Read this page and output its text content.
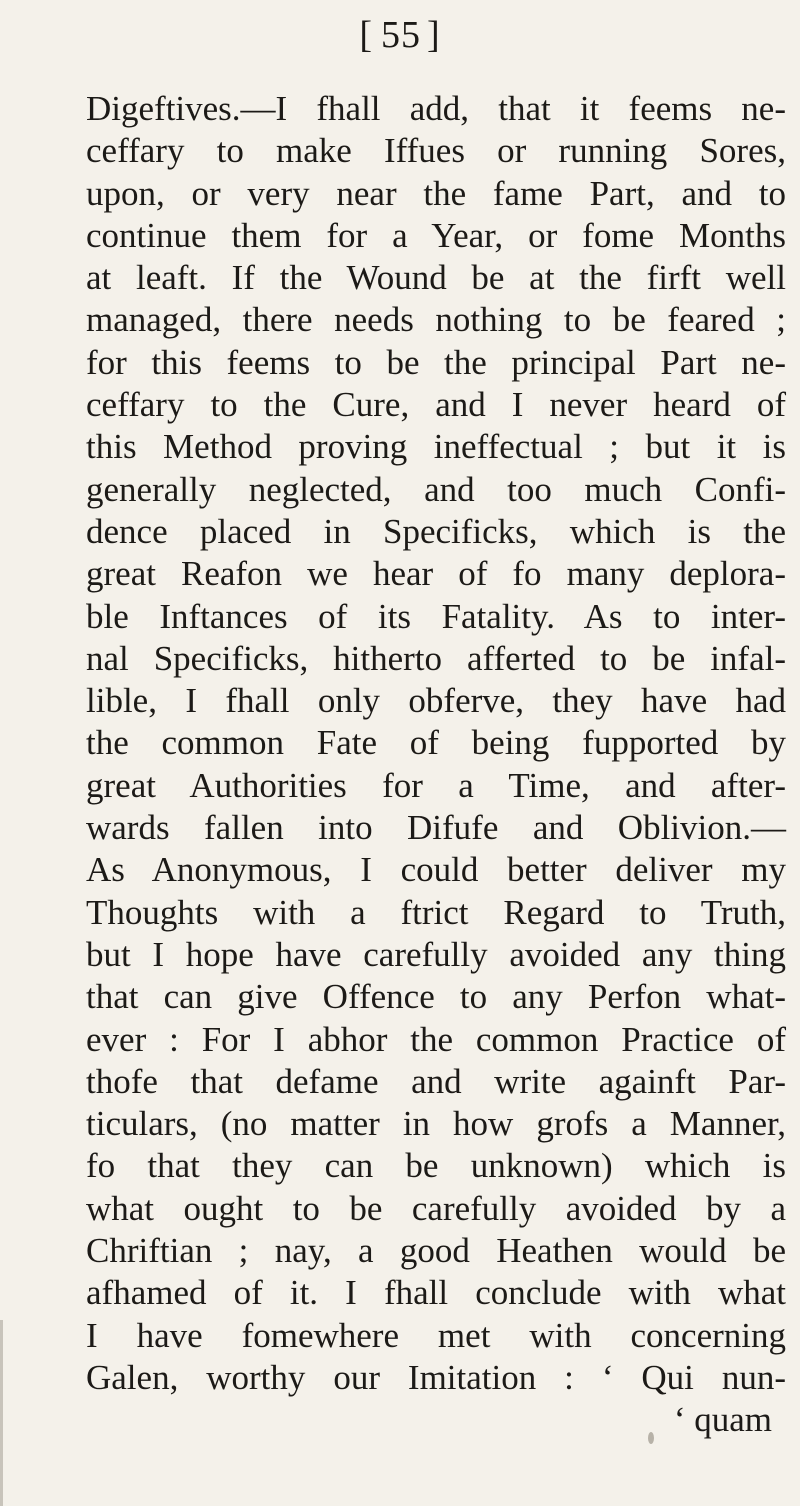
[ 55 ]
Digeftives.—I fhall add, that it feems ne-
ceffary to make Iffues or running Sores,
upon, or very near the fame Part, and to
continue them for a Year, or fome Months
at leaft. If the Wound be at the firft well
managed, there needs nothing to be feared ;
for this feems to be the principal Part ne-
ceffary to the Cure, and I never heard of
this Method proving ineffectual ; but it is
generally neglected, and too much Confi-
dence placed in Specificks, which is the
great Reafon we hear of fo many deplora-
ble Inftances of its Fatality. As to inter-
nal Specificks, hitherto afferted to be infal-
lible, I fhall only obferve, they have had
the common Fate of being fupported by
great Authorities for a Time, and after-
wards fallen into Difufe and Oblivion.—
As Anonymous, I could better deliver my
Thoughts with a ftrict Regard to Truth,
but I hope have carefully avoided any thing
that can give Offence to any Perfon what-
ever : For I abhor the common Practice of
thofe that defame and write againft Par-
ticulars, (no matter in how grofs a Manner,
fo that they can be unknown) which is
what ought to be carefully avoided by a
Chriftian ; nay, a good Heathen would be
afhamed of it. I fhall conclude with what
I have fomewhere met with concerning
Galen, worthy our Imitation : ‘ Qui nun-
‘ quam
